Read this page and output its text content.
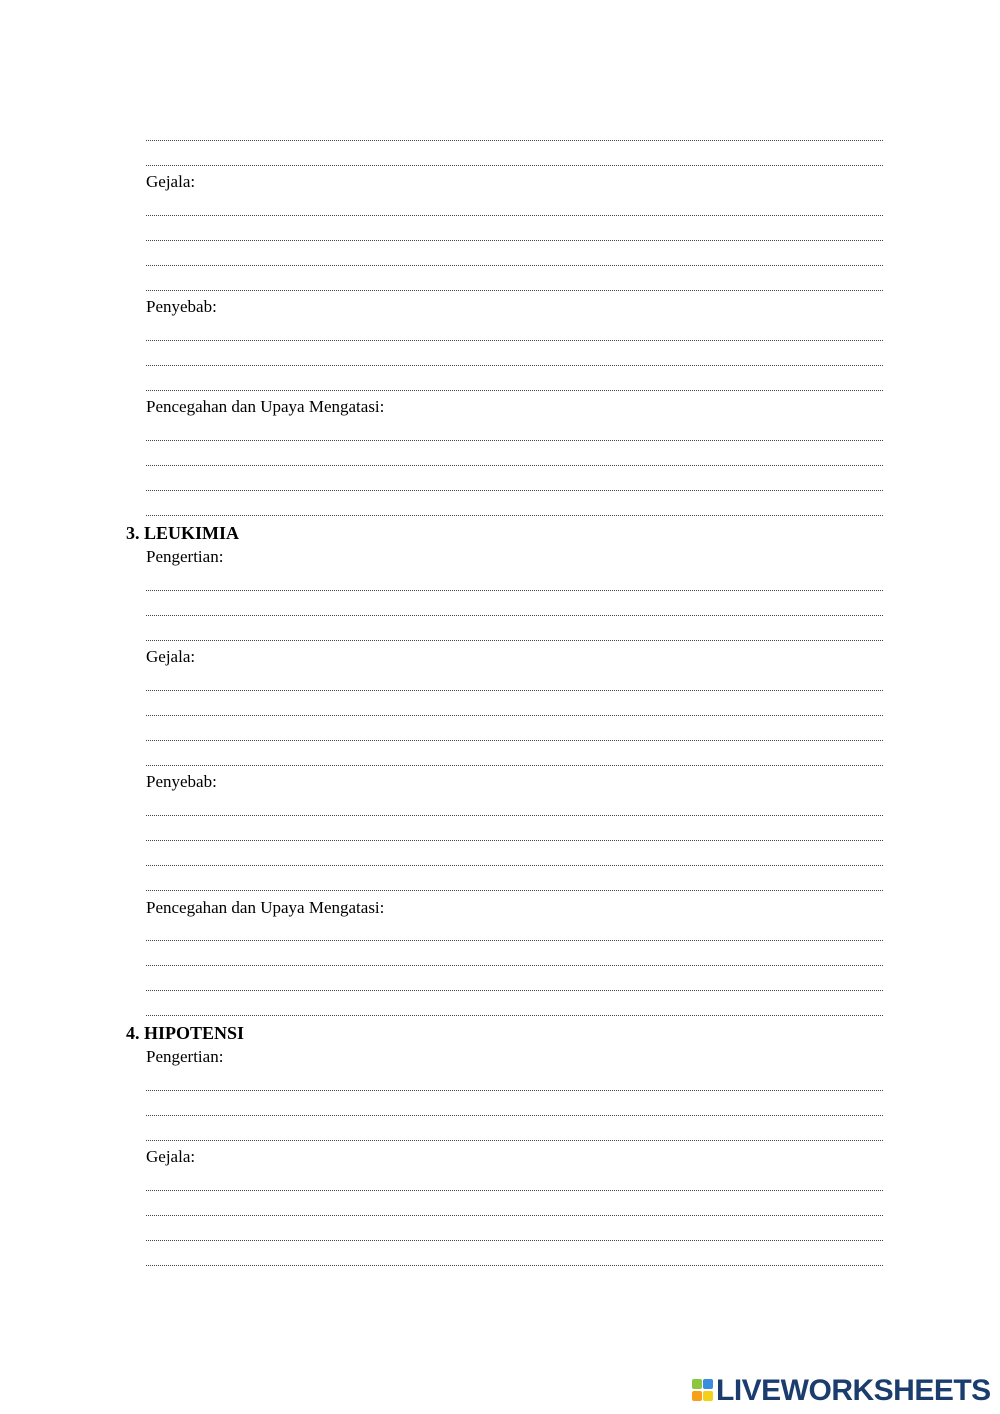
Gejala:
Penyebab:
Pencegahan dan Upaya Mengatasi:
3. LEUKIMIA
Pengertian:
Gejala:
Penyebab:
Pencegahan dan Upaya Mengatasi:
4. HIPOTENSI
Pengertian:
Gejala:
LIVEWORKSHEETS
